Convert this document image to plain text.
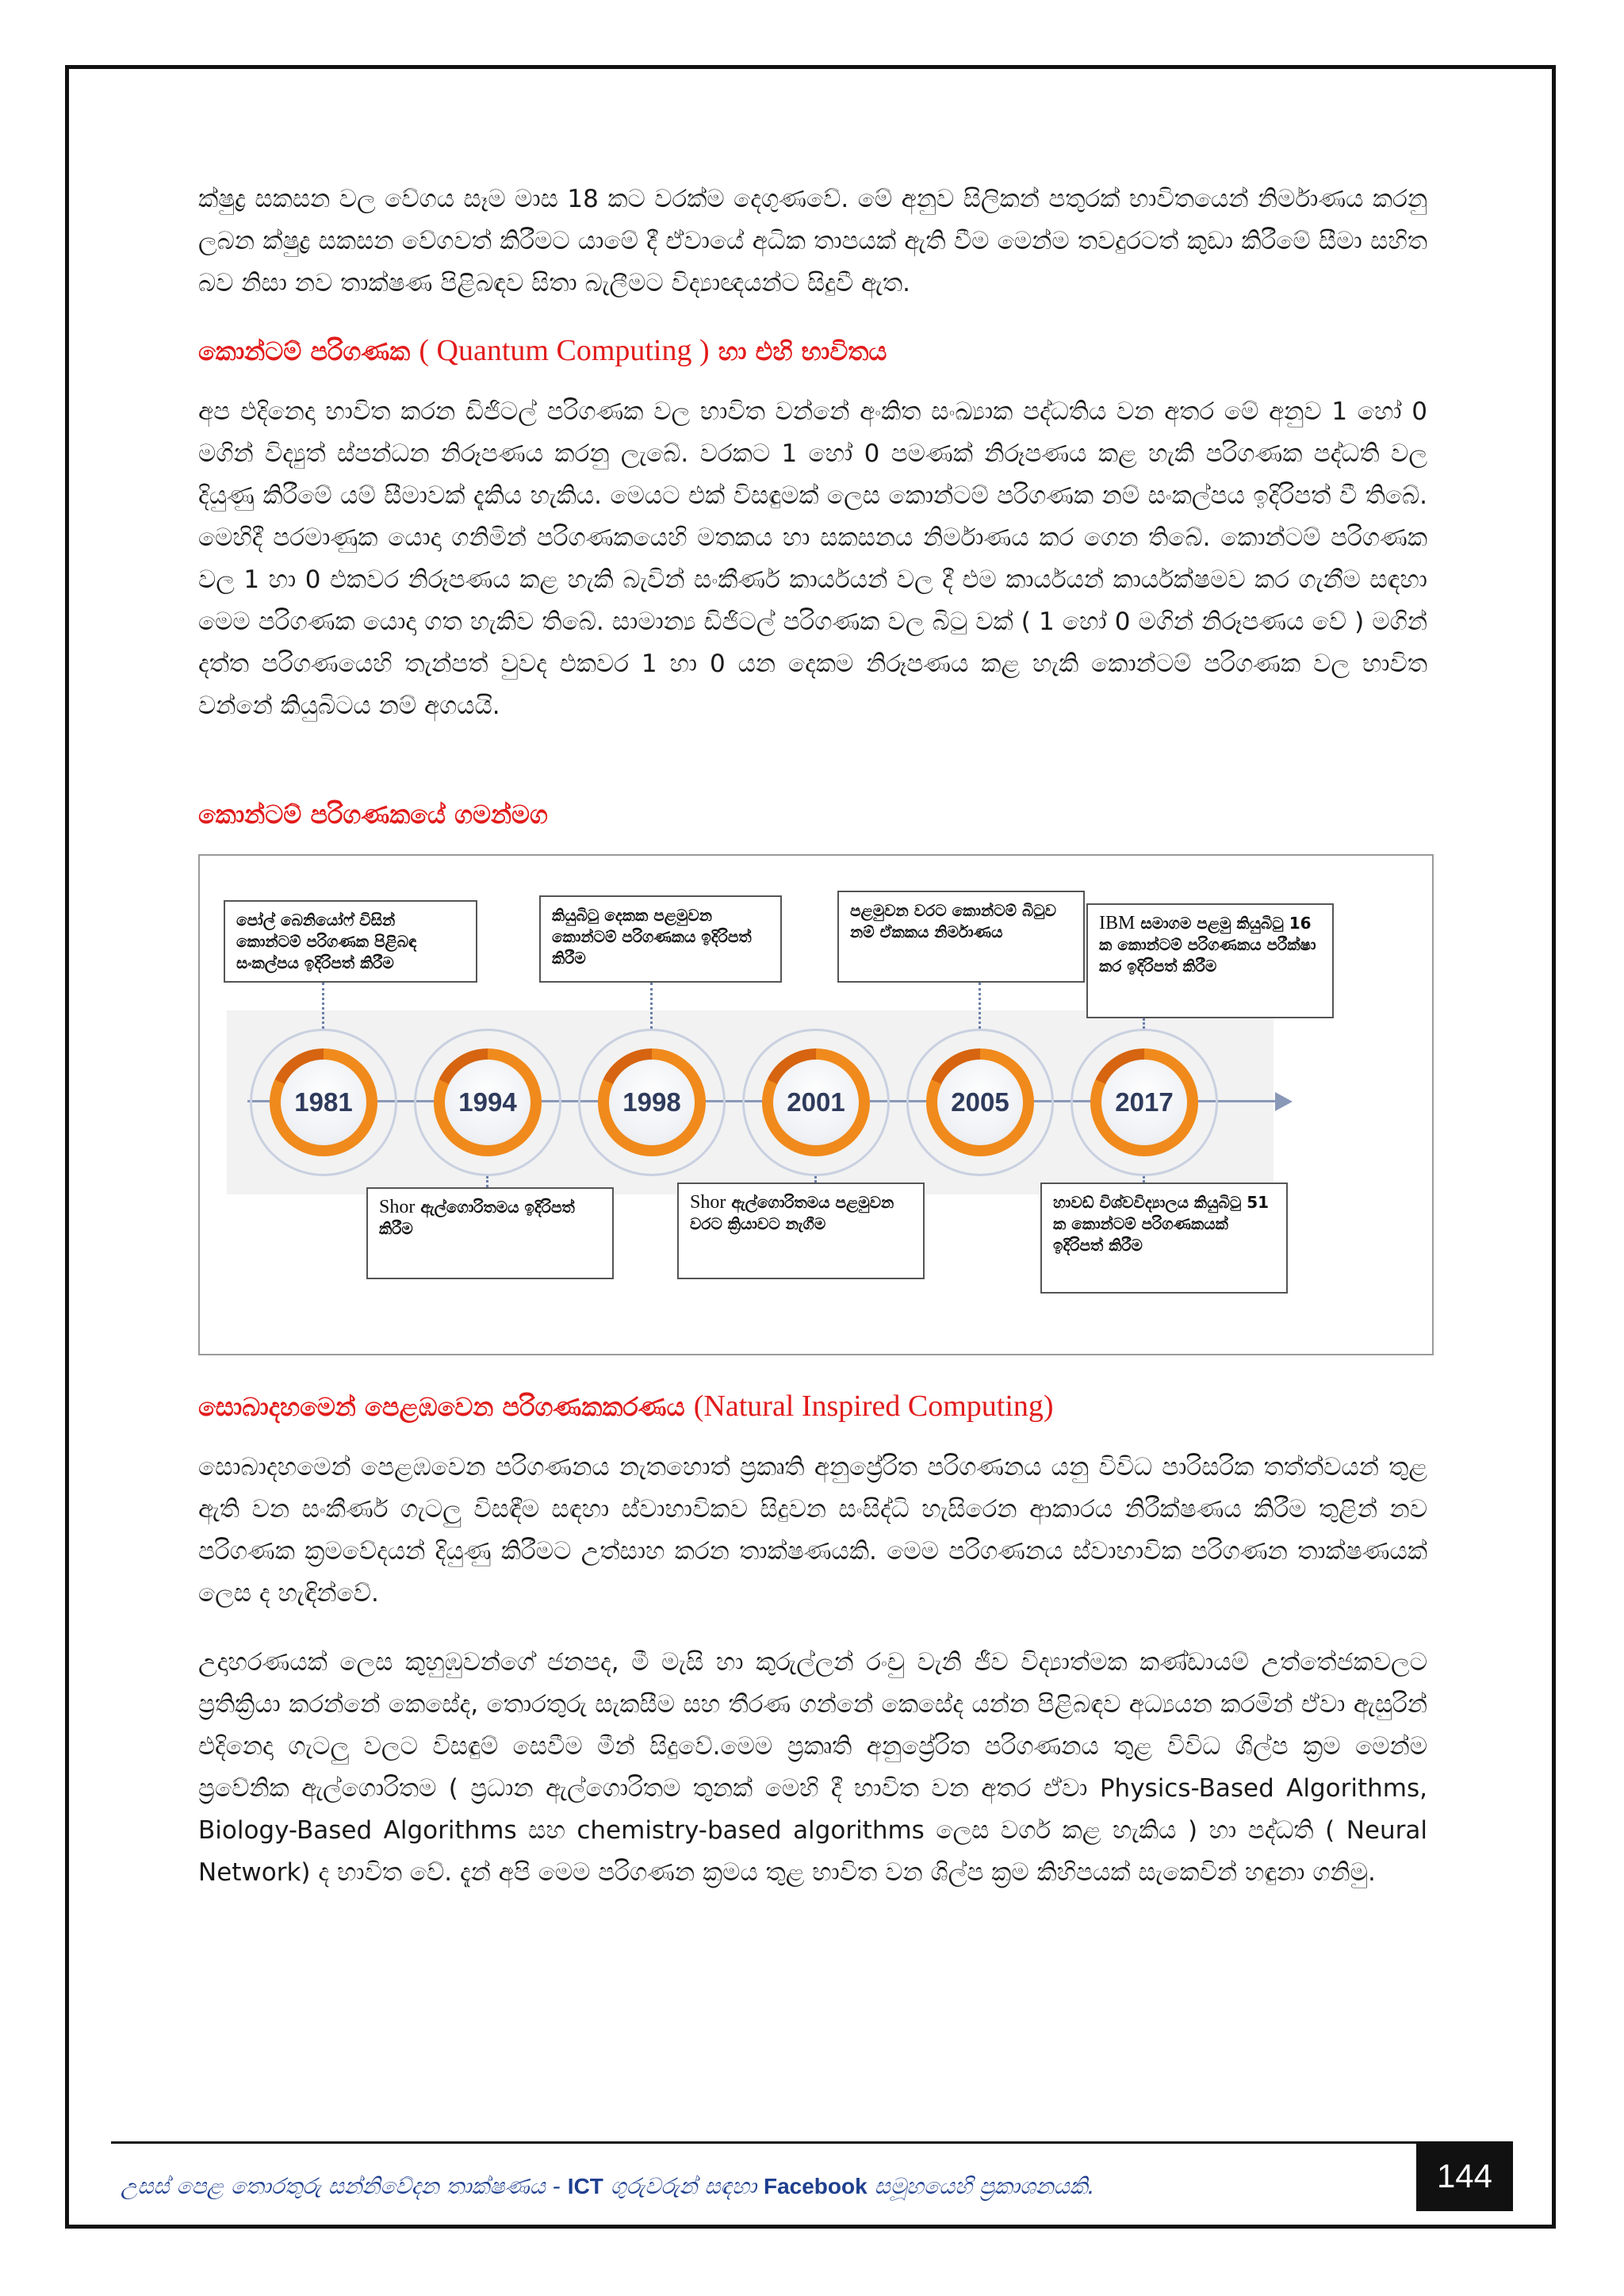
ක්ෂුද්‍ර සකසන වල වේගය සෑම මාස 18 කට වරක්ම දෙගුණවේ. මේ අනුව සිලිකන් පතුරක් භාවිතයෙන් නිර්මාණය කරනු ලබන ක්ෂුද්‍ර සකසන වේගවත් කිරීමට යාමේ දී ඒවායේ අධික තාපයක් ඇති වීම මෙන්ම තවදුරටත් කුඩා කිරීමේ සීමා සහිත බව නිසා නව තාක්ෂණ පිළිබඳව සිතා බැලීමට විද්‍යාඥයන්ට සිදුවී ඇත.

කොන්ටම් පරිගණක ( Quantum Computing ) හා එහි භාවිතය

අප එදිනෙදා භාවිත කරන ඩිජිටල් පරිගණක වල භාවිත වන්නේ අංකිත සංඛ්‍යාක පද්ධතිය වන අතර මේ අනුව 1 හෝ 0 මගින් විද්‍යුත් ස්පන්ධන නිරූපණය කරනු ලැබේ. වරකට 1 හෝ 0 පමණක් නිරූපණය කළ හැකි පරිගණක පද්ධති වල දියුණු කිරීමේ යම් සීමාවක් දැකිය හැකිය. මෙයට එක් විසඳුමක් ලෙස කොන්ටම් පරිගණක නම් සංකල්පය ඉදිරිපත් වී තිබේ. මෙහිදී පරමාණුක යොදා ගනිමින් පරිගණකයෙහි මතකය හා සකසනය නිර්මාණය කර ගෙන තිබේ. කොන්ටම් පරිගණක වල 1 හා 0 එකවර නිරූපණය කළ හැකි බැවින් සංකීර්ණ කාර්යයන් වල දී එම කාර්යයන් කාර්යක්ෂමව කර ගැනීම සඳහා මෙම පරිගණක යොදා ගත හැකිව තිබේ. සාමාන්‍ය ඩිජිටල් පරිගණක වල බිටු වක් ( 1 හෝ 0 මගින් නිරූපණය වේ ) මගින් දත්ත පරිගණයෙහි තැන්පත් වුවද එකවර 1 හා 0 යන දෙකම නිරූපණය කළ හැකි කොන්ටම් පරිගණක වල භාවිත වන්නේ කියුබිටය නම් අගයයි.

කොන්ටම් පරිගණකයේ ගමන්මග
1981	1994	1998	2001	2005	2017
පෝල් බෙනියෝෆ් විසින් කොන්ටම් පරිගණක පිළිබඳ සංකල්පය ඉදිරිපත් කිරීම
කියුබිටු දෙකක පළමුවන කොන්ටම් පරිගණකය ඉදිරිපත් කිරීම
පළමුවන වරට කොන්ටම් බිටුව නම් ඒකකය නිර්මාණය	IBM සමාගම පළමු කියුබිටු 16 ක කොන්ටම් පරිගණකය පරීක්ෂා කර ඉදිරිපත් කිරීම
Shor ඇල්ගොරිතමය ඉදිරිපත් කිරීම
Shor ඇල්ගොරිතමය පළමුවන වරට ක්‍රියාවට නැගීම
හාවඩ් විශ්වවිද්‍යාලය කියුබිටු 51 ක කොන්ටම් පරිගණකයක් ඉදිරිපත් කිරීම
සොබාදහමෙන් පෙළඹවෙන පරිගණකකරණය (Natural Inspired Computing)

සොබාදහමෙන් පෙළඹවෙන පරිගණනය නැතහොත් ප්‍රකෘති අනුප්‍රේරිත පරිගණනය යනු විවිධ පාරිසරික තත්ත්වයන් තුළ ඇති වන සංකීර්ණ ගැටලු විසඳීම සඳහා ස්වාභාවිකව සිදුවන සංසිද්ධි හැසිරෙන ආකාරය නිරීක්ෂණය කිරීම තුළින් නව පරිගණක ක්‍රමවේදයන් දියුණු කිරීමට උත්සාහ කරන තාක්ෂණයකි. මෙම පරිගණනය ස්වාභාවික පරිගණන තාක්ෂණයක් ලෙස ද හැඳින්වේ.

උදාහරණයක් ලෙස කුහුඹුවන්ගේ ජනපද, මී මැසි හා කුරුල්ලන් රංචු වැනි ජීව විද්‍යාත්මක කණ්ඩායම් උත්තේජකවලට ප්‍රතික්‍රියා කරන්නේ කෙසේද, තොරතුරු සැකසීම සහ තීරණ ගන්නේ කෙසේද යන්න පිළිබඳව අධ්‍යයන කරමින් ඒවා ඇසුරින් එදිනෙදා ගැටලු වලට විසඳුම් සෙවීම මීන් සිදුවේ.මෙම ප්‍රකෘති අනුප්‍රේරිත පරිගණනය තුළ විවිධ ශිල්ප ක්‍රම මෙන්ම ප්‍රවේනික ඇල්ගොරිතම ( ප්‍රධාන ඇල්ගොරිතම තුනක් මෙහි දී භාවිත වන අතර ඒවා Physics-Based Algorithms, Biology-Based Algorithms සහ chemistry-based algorithms ලෙස වර්ග කළ හැකිය ) හා පද්ධති ( Neural Network) ද භාවිත වේ. දැන් අපි මෙම පරිගණන ක්‍රමය තුළ භාවිත වන ශිල්ප ක්‍රම කිහිපයක් සැකෙවින් හඳුනා ගනිමු.

උසස් පෙළ තොරතුරු සන්නිවේදන තාක්ෂණය - ICT ගුරුවරුන් සඳහා Facebook සමූහයෙහි ප්‍රකාශනයකි.	144
